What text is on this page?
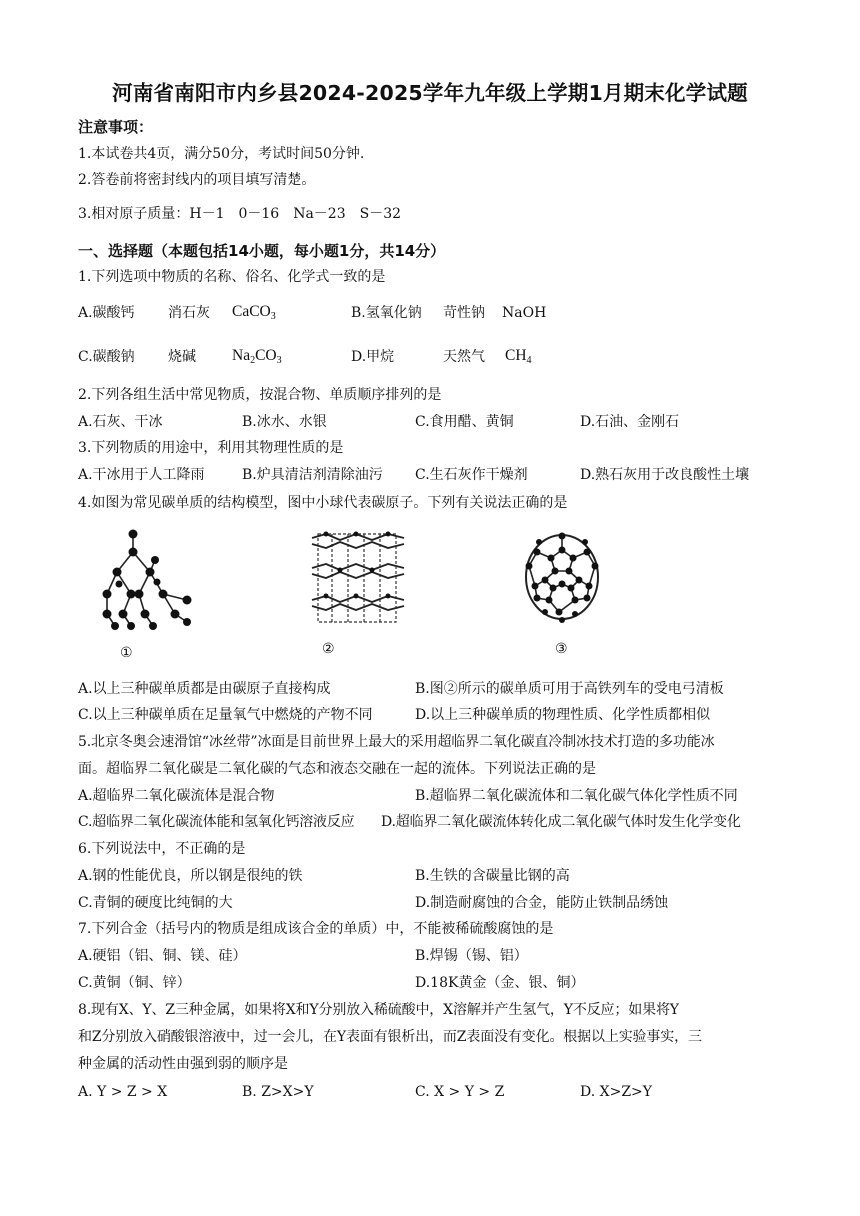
河南省南阳市内乡县2024-2025学年九年级上学期1月期末化学试题
注意事项：
1.本试卷共4页，满分50分，考试时间50分钟.
2.答卷前将密封线内的项目填写清楚。
3.相对原子质量：H－1　0－16　Na－23　S－32
一、选择题（本题包括14小题，每小题1分，共14分）
1.下列选项中物质的名称、俗名、化学式一致的是
A.碳酸钙 消石灰 CaCO$_3$	B.氢氧化钠 苛性钠 NaOH
C.碳酸钠 烧碱 $Na_2CO_3$	D.甲烷	天然气 $CH_4$
2.下列各组生活中常见物质，按混合物、单质顺序排列的是
A.石灰、干冰	B.冰水、水银	C.食用醋、黄铜	D.石油、金刚石
3.下列物质的用途中，利用其物理性质的是
A.干冰用于人工降雨	B.炉具清洁剂清除油污 C.生石灰作干燥剂	D.熟石灰用于改良酸性土壤
4.如图为常见碳单质的结构模型，图中小球代表碳原子。下列有关说法正确的是
①	②	③
A.以上三种碳单质都是由碳原子直接构成	B.图②所示的碳单质可用于高铁列车的受电弓清板
C.以上三种碳单质在足量氧气中燃烧的产物不同	D.以上三种碳单质的物理性质、化学性质都相似
5.北京冬奥会速滑馆“冰丝带”冰面是目前世界上最大的采用超临界二氧化碳直冷制冰技术打造的多功能冰
面。超临界二氧化碳是二氧化碳的气态和液态交融在一起的流体。下列说法正确的是
A.超临界二氧化碳流体是混合物	B.超临界二氧化碳流体和二氧化碳气体化学性质不同
C.超临界二氧化碳流体能和氢氧化钙溶液反应 D.超临界二氧化碳流体转化成二氧化碳气体时发生化学变化
6.下列说法中，不正确的是
A.钢的性能优良，所以钢是很纯的铁	B.生铁的含碳量比钢的高
C.青铜的硬度比纯铜的大	D.制造耐腐蚀的合金，能防止铁制品绣蚀
7.下列合金（括号内的物质是组成该合金的单质）中，不能被稀硫酸腐蚀的是
A.硬铝（铝、铜、镁、硅）	B.焊锡（锡、铝）
C.黄铜（铜、锌）	D.18K黄金（金、银、铜）
8.现有X、Y、Z三种金属，如果将X和Y分别放入稀硫酸中，X溶解并产生氢气，Y不反应；如果将Y
和Z分别放入硝酸银溶液中，过一会儿，在Y表面有银析出，而Z表面没有变化。根据以上实验事实，三
种金属的活动性由强到弱的顺序是
A. Y > Z > X	B. Z>X>Y	C. X > Y > Z	D. X>Z>Y
